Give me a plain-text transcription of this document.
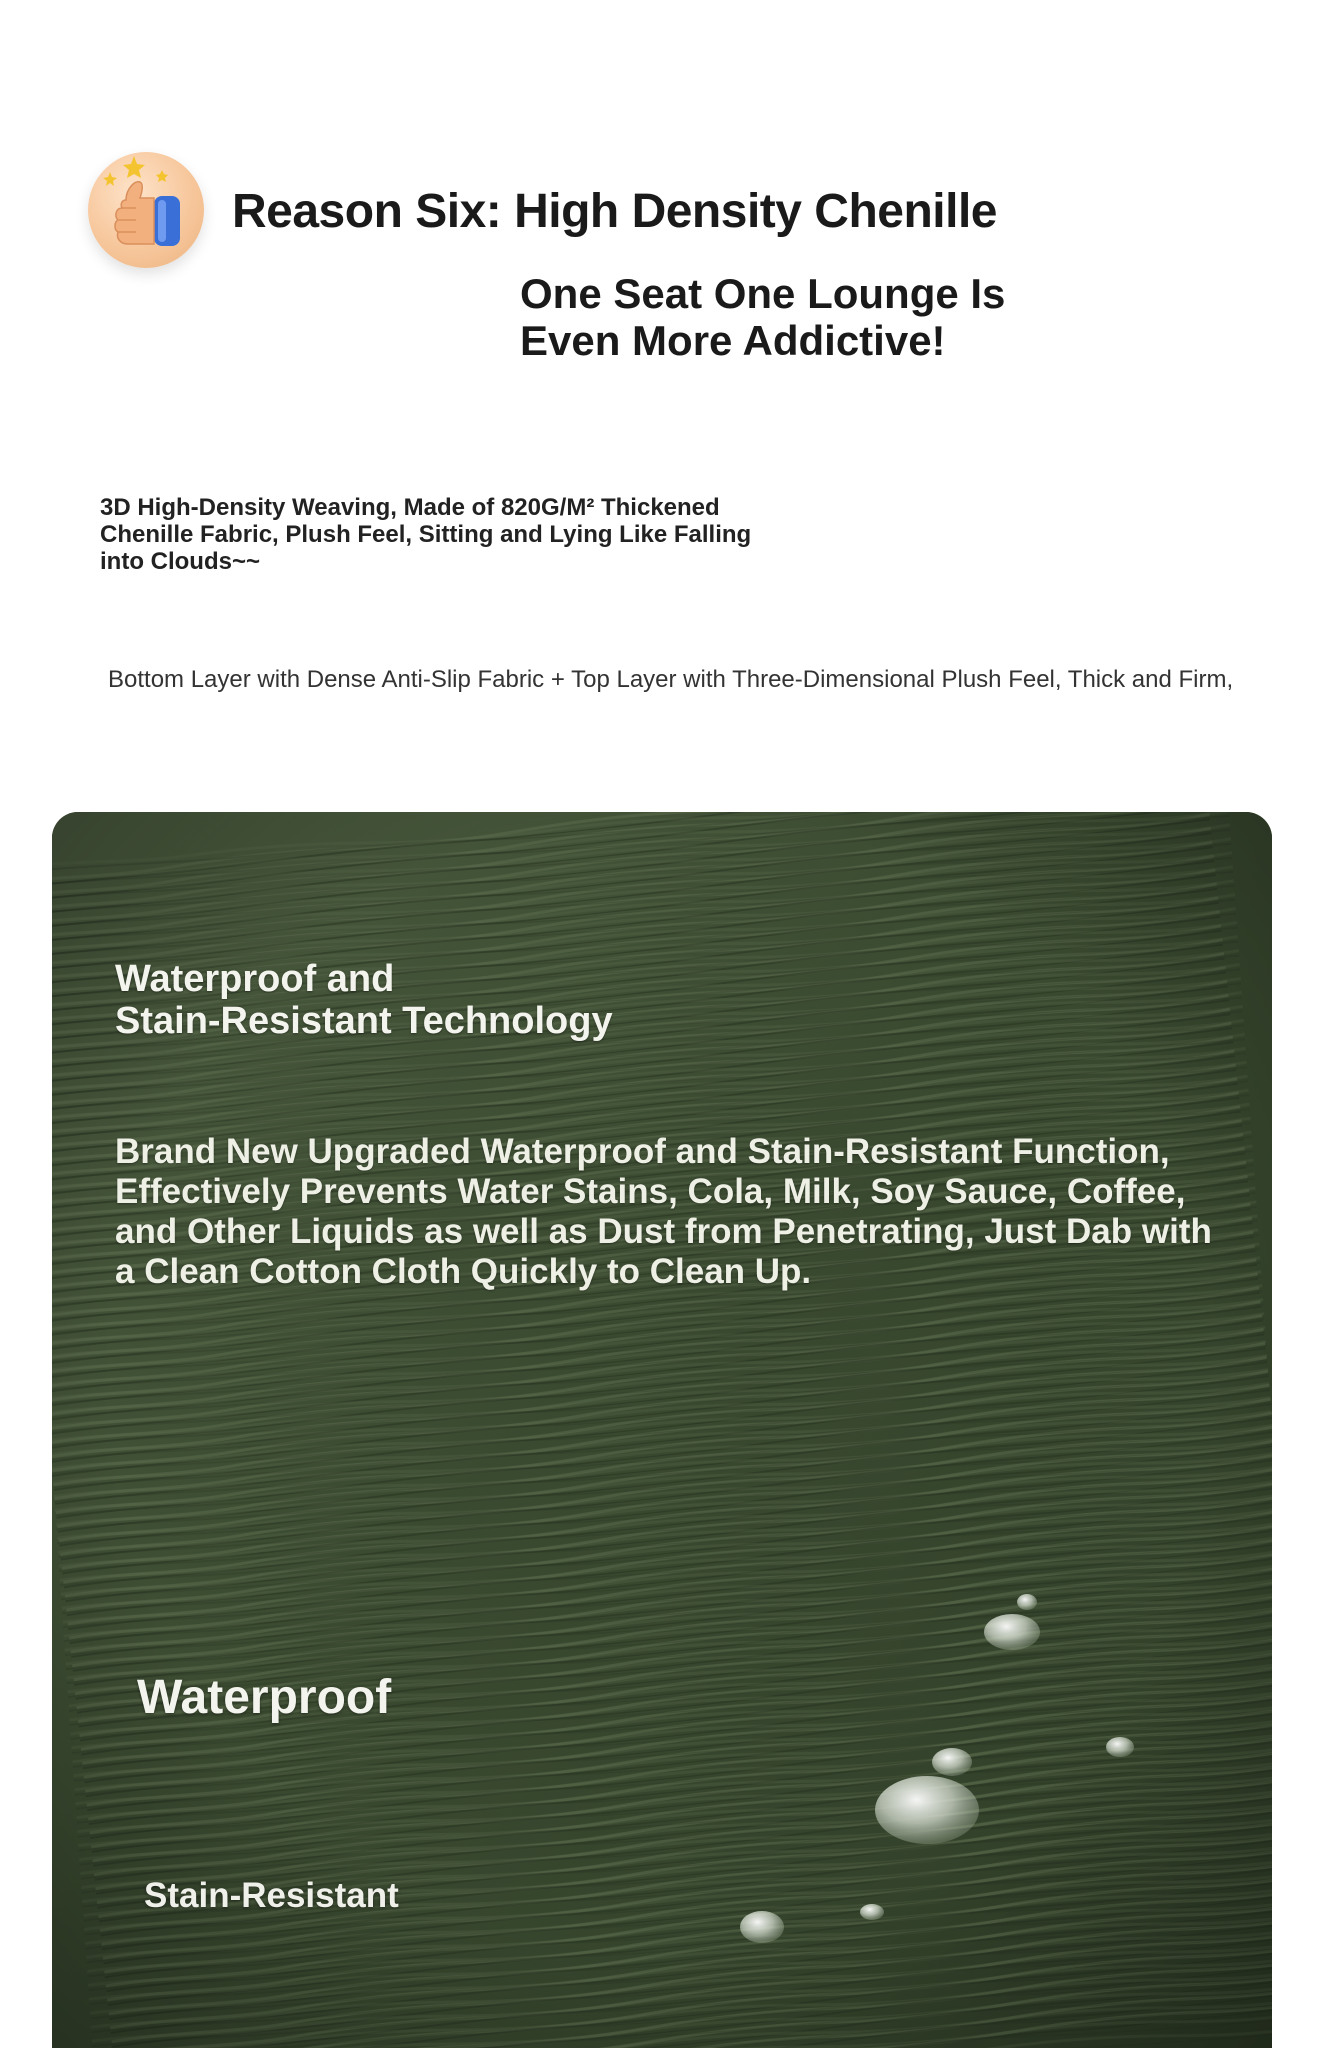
Reason Six: High Density Chenille
One Seat One Lounge Is
Even More Addictive!

3D High-Density Weaving, Made of 820G/M² Thickened Chenille Fabric, Plush Feel, Sitting and Lying Like Falling into Clouds~~

Bottom Layer with Dense Anti-Slip Fabric + Top Layer with Three-Dimensional Plush Feel, Thick and Firm,

Waterproof and
Stain-Resistant Technology

Brand New Upgraded Waterproof and Stain-Resistant Function, Effectively Prevents Water Stains, Cola, Milk, Soy Sauce, Coffee, and Other Liquids as well as Dust from Penetrating, Just Dab with a Clean Cotton Cloth Quickly to Clean Up.

Waterproof

Stain-Resistant
